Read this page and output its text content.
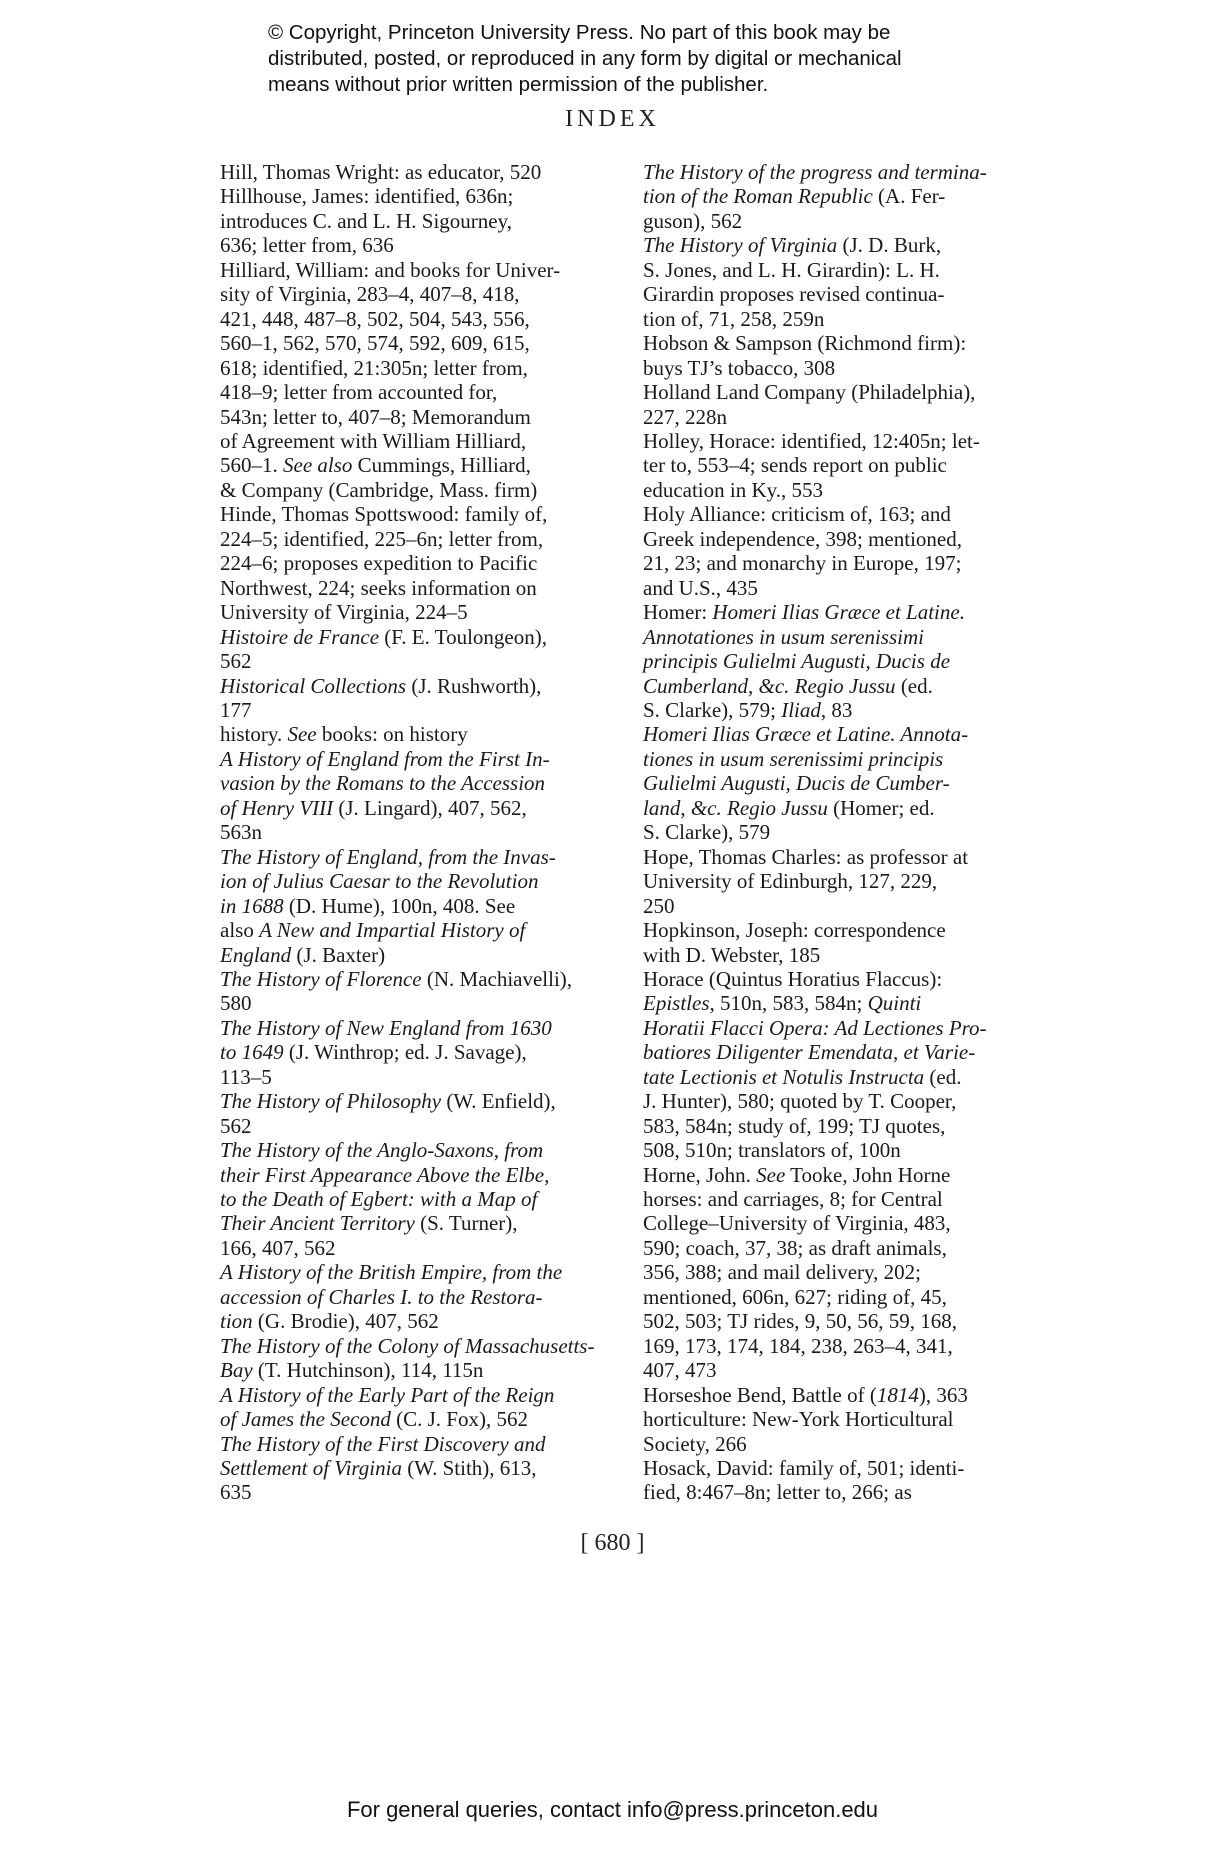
© Copyright, Princeton University Press. No part of this book may be
distributed, posted, or reproduced in any form by digital or mechanical
means without prior written permission of the publisher.
INDEX
Hill, Thomas Wright: as educator, 520
Hillhouse, James: identified, 636n;
introduces C. and L. H. Sigourney,
636; letter from, 636
Hilliard, William: and books for Univer-
sity of Virginia, 283–4, 407–8, 418,
421, 448, 487–8, 502, 504, 543, 556,
560–1, 562, 570, 574, 592, 609, 615,
618; identified, 21:305n; letter from,
418–9; letter from accounted for,
543n; letter to, 407–8; Memorandum
of Agreement with William Hilliard,
560–1. See also Cummings, Hilliard,
& Company (Cambridge, Mass. firm)
Hinde, Thomas Spottswood: family of,
224–5; identified, 225–6n; letter from,
224–6; proposes expedition to Pacific
Northwest, 224; seeks information on
University of Virginia, 224–5
Histoire de France (F. E. Toulongeon),
562
Historical Collections (J. Rushworth),
177
history. See books: on history
A History of England from the First In-
vasion by the Romans to the Accession
of Henry VIII (J. Lingard), 407, 562,
563n
The History of England, from the Invas-
ion of Julius Caesar to the Revolution
in 1688 (D. Hume), 100n, 408. See
also A New and Impartial History of
England (J. Baxter)
The History of Florence (N. Machiavelli),
580
The History of New England from 1630
to 1649 (J. Winthrop; ed. J. Savage),
113–5
The History of Philosophy (W. Enfield),
562
The History of the Anglo-Saxons, from
their First Appearance Above the Elbe,
to the Death of Egbert: with a Map of
Their Ancient Territory (S. Turner),
166, 407, 562
A History of the British Empire, from the
accession of Charles I. to the Restora-
tion (G. Brodie), 407, 562
The History of the Colony of Massachusetts-
Bay (T. Hutchinson), 114, 115n
A History of the Early Part of the Reign
of James the Second (C. J. Fox), 562
The History of the First Discovery and
Settlement of Virginia (W. Stith), 613,
635
The History of the progress and termina-
tion of the Roman Republic (A. Fer-
guson), 562
The History of Virginia (J. D. Burk,
S. Jones, and L. H. Girardin): L. H.
Girardin proposes revised continua-
tion of, 71, 258, 259n
Hobson & Sampson (Richmond firm):
buys TJ’s tobacco, 308
Holland Land Company (Philadelphia),
227, 228n
Holley, Horace: identified, 12:405n; let-
ter to, 553–4; sends report on public
education in Ky., 553
Holy Alliance: criticism of, 163; and
Greek independence, 398; mentioned,
21, 23; and monarchy in Europe, 197;
and U.S., 435
Homer: Homeri Ilias Græce et Latine.
Annotationes in usum serenissimi
principis Gulielmi Augusti, Ducis de
Cumberland, &c. Regio Jussu (ed.
S. Clarke), 579; Iliad, 83
Homeri Ilias Græce et Latine. Annota-
tiones in usum serenissimi principis
Gulielmi Augusti, Ducis de Cumber-
land, &c. Regio Jussu (Homer; ed.
S. Clarke), 579
Hope, Thomas Charles: as professor at
University of Edinburgh, 127, 229,
250
Hopkinson, Joseph: correspondence
with D. Webster, 185
Horace (Quintus Horatius Flaccus):
Epistles, 510n, 583, 584n; Quinti
Horatii Flacci Opera: Ad Lectiones Pro-
batiores Diligenter Emendata, et Varie-
tate Lectionis et Notulis Instructa (ed.
J. Hunter), 580; quoted by T. Cooper,
583, 584n; study of, 199; TJ quotes,
508, 510n; translators of, 100n
Horne, John. See Tooke, John Horne
horses: and carriages, 8; for Central
College–University of Virginia, 483,
590; coach, 37, 38; as draft animals,
356, 388; and mail delivery, 202;
mentioned, 606n, 627; riding of, 45,
502, 503; TJ rides, 9, 50, 56, 59, 168,
169, 173, 174, 184, 238, 263–4, 341,
407, 473
Horseshoe Bend, Battle of (1814), 363
horticulture: New-York Horticultural
Society, 266
Hosack, David: family of, 501; identi-
fied, 8:467–8n; letter to, 266; as
[ 680 ]
For general queries, contact info@press.princeton.edu
